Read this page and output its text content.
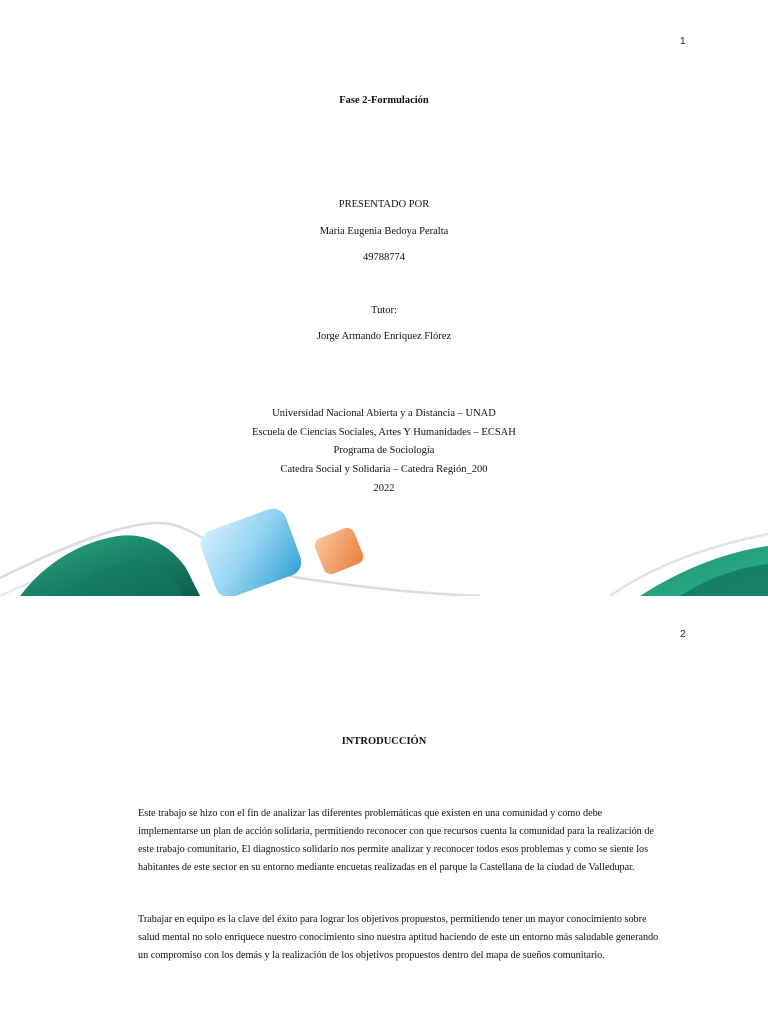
1
Fase 2-Formulación
PRESENTADO POR
Maria Eugenia Bedoya Peralta
49788774
Tutor:
Jorge Armando Enriquez Flórez
Universidad Nacional Abierta y a Distancia – UNAD
Escuela de Ciencias Sociales, Artes Y Humanidades – ECSAH
Programa de Sociología
Catedra Social y Solidaria – Catedra Región_200
2022
2
INTRODUCCIÓN
Este trabajo se hizo con el fin de analizar las diferentes problemáticas que existen en una comunidad y como debe
implementarse un plan de acción solidaria, permitiendo reconocer con que recursos cuenta la comunidad para la realización de
este trabajo comunitario, El diagnostico solidario nos permite analizar y reconocer todos esos problemas y como se siente los
habitantes de este sector en su entorno mediante encuetas realizadas en el parque la Castellana de la ciudad de Valledupar.
Trabajar en equipo es la clave del éxito para lograr los objetivos propuestos, permitiendo tener un mayor conocimiento sobre
salud mental no solo enriquece nuestro conocimiento sino nuestra aptitud haciendo de este un entorno más saludable generando
un compromiso con los demás y la realización de los objetivos propuestos dentro del mapa de sueños comunitario.
